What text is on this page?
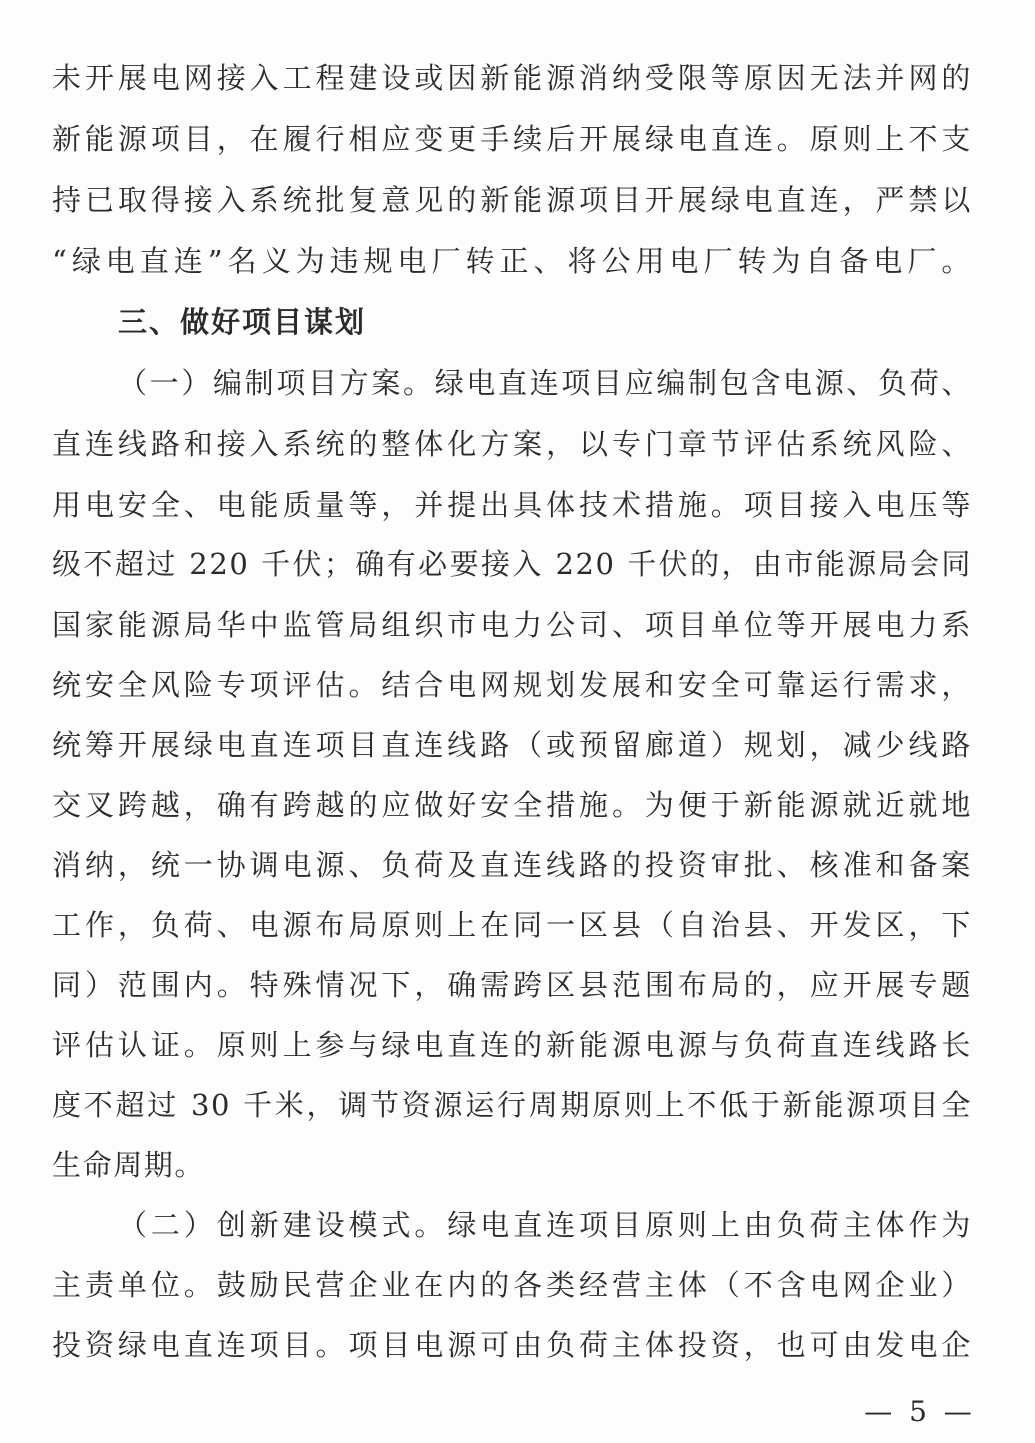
未开展电网接入工程建设或因新能源消纳受限等原因无法并网的
新能源项目，在履行相应变更手续后开展绿电直连。原则上不支
持已取得接入系统批复意见的新能源项目开展绿电直连，严禁以
“绿电直连”名义为违规电厂转正、将公用电厂转为自备电厂。
三、做好项目谋划
（一）编制项目方案。绿电直连项目应编制包含电源、负荷、
直连线路和接入系统的整体化方案，以专门章节评估系统风险、
用电安全、电能质量等，并提出具体技术措施。项目接入电压等
级不超过 220 千伏；确有必要接入 220 千伏的，由市能源局会同
国家能源局华中监管局组织市电力公司、项目单位等开展电力系
统安全风险专项评估。结合电网规划发展和安全可靠运行需求，
统筹开展绿电直连项目直连线路（或预留廊道）规划，减少线路
交叉跨越，确有跨越的应做好安全措施。为便于新能源就近就地
消纳，统一协调电源、负荷及直连线路的投资审批、核准和备案
工作，负荷、电源布局原则上在同一区县（自治县、开发区，下
同）范围内。特殊情况下，确需跨区县范围布局的，应开展专题
评估认证。原则上参与绿电直连的新能源电源与负荷直连线路长
度不超过 30 千米，调节资源运行周期原则上不低于新能源项目全
生命周期。
（二）创新建设模式。绿电直连项目原则上由负荷主体作为
主责单位。鼓励民营企业在内的各类经营主体（不含电网企业）
投资绿电直连项目。项目电源可由负荷主体投资，也可由发电企
— 5 —
